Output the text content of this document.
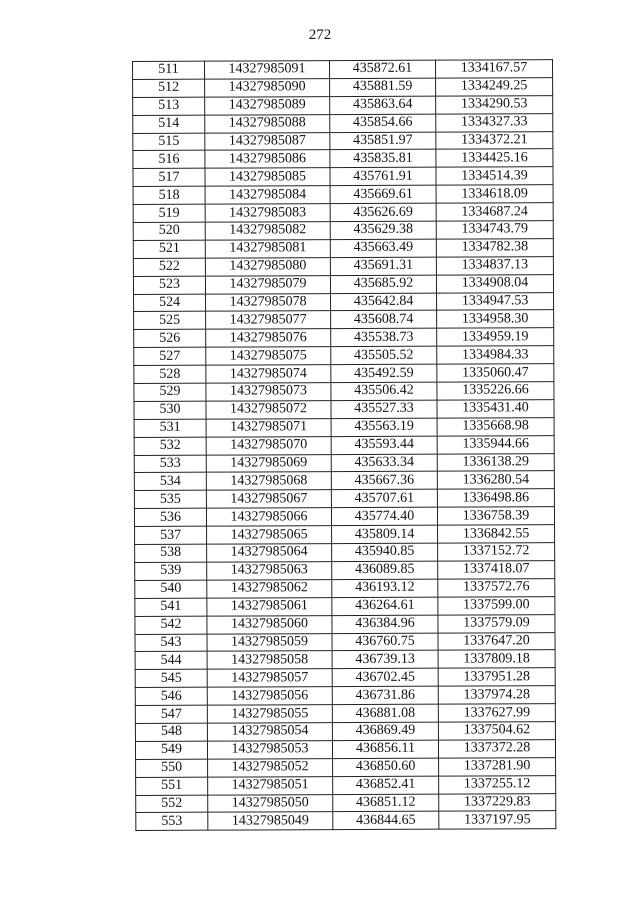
272
511	14327985091	435872.61	1334167.57
512	14327985090	435881.59	1334249.25
513	14327985089	435863.64	1334290.53
514	14327985088	435854.66	1334327.33
515	14327985087	435851.97	1334372.21
516	14327985086	435835.81	1334425.16
517	14327985085	435761.91	1334514.39
518	14327985084	435669.61	1334618.09
519	14327985083	435626.69	1334687.24
520	14327985082	435629.38	1334743.79
521	14327985081	435663.49	1334782.38
522	14327985080	435691.31	1334837.13
523	14327985079	435685.92	1334908.04
524	14327985078	435642.84	1334947.53
525	14327985077	435608.74	1334958.30
526	14327985076	435538.73	1334959.19
527	14327985075	435505.52	1334984.33
528	14327985074	435492.59	1335060.47
529	14327985073	435506.42	1335226.66
530	14327985072	435527.33	1335431.40
531	14327985071	435563.19	1335668.98
532	14327985070	435593.44	1335944.66
533	14327985069	435633.34	1336138.29
534	14327985068	435667.36	1336280.54
535	14327985067	435707.61	1336498.86
536	14327985066	435774.40	1336758.39
537	14327985065	435809.14	1336842.55
538	14327985064	435940.85	1337152.72
539	14327985063	436089.85	1337418.07
540	14327985062	436193.12	1337572.76
541	14327985061	436264.61	1337599.00
542	14327985060	436384.96	1337579.09
543	14327985059	436760.75	1337647.20
544	14327985058	436739.13	1337809.18
545	14327985057	436702.45	1337951.28
546	14327985056	436731.86	1337974.28
547	14327985055	436881.08	1337627.99
548	14327985054	436869.49	1337504.62
549	14327985053	436856.11	1337372.28
550	14327985052	436850.60	1337281.90
551	14327985051	436852.41	1337255.12
552	14327985050	436851.12	1337229.83
553	14327985049	436844.65	1337197.95
